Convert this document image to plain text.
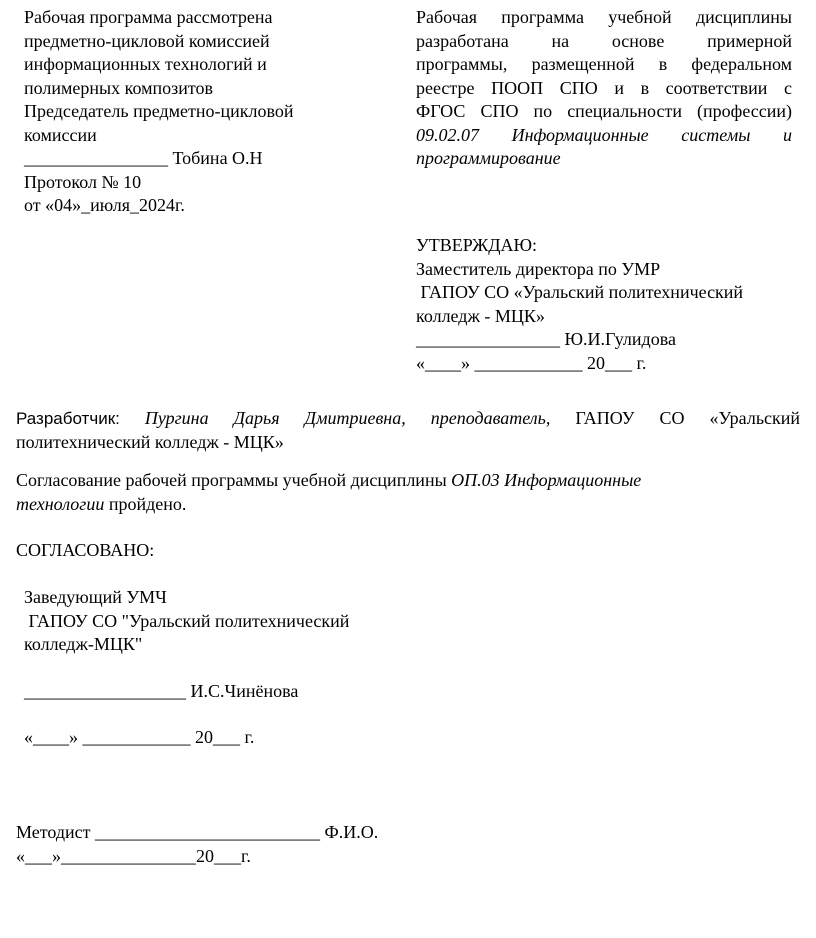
Рабочая программа рассмотрена
предметно-цикловой комиссией
информационных технологий и
полимерных композитов
Председатель предметно-цикловой
комиссии
________________ Тобина О.Н
Протокол № 10
от «04»_июля_2024г.
Рабочая программа учебной дисциплины
разработана на основе примерной
программы, размещенной в федеральном
реестре ПООП СПО и в соответствии с
ФГОС СПО по специальности (профессии)
09.02.07 Информационные системы и
программирование
УТВЕРЖДАЮ:
Заместитель директора по УМР
ГАПОУ СО «Уральский политехнический
колледж - МЦК»
________________ Ю.И.Гулидова
«____» ____________ 20___ г.
Разработчик: Пургина Дарья Дмитриевна, преподаватель, ГАПОУ СО «Уральский
политехнический колледж - МЦК»
Согласование рабочей программы учебной дисциплины ОП.03 Информационные
технологии пройдено.
СОГЛАСОВАНО:
Заведующий УМЧ
ГАПОУ СО "Уральский политехнический
колледж-МЦК"
__________________ И.С.Чинёнова
«____» ____________ 20___ г.
Методист _________________________ Ф.И.О.
«___»_______________20___г.
